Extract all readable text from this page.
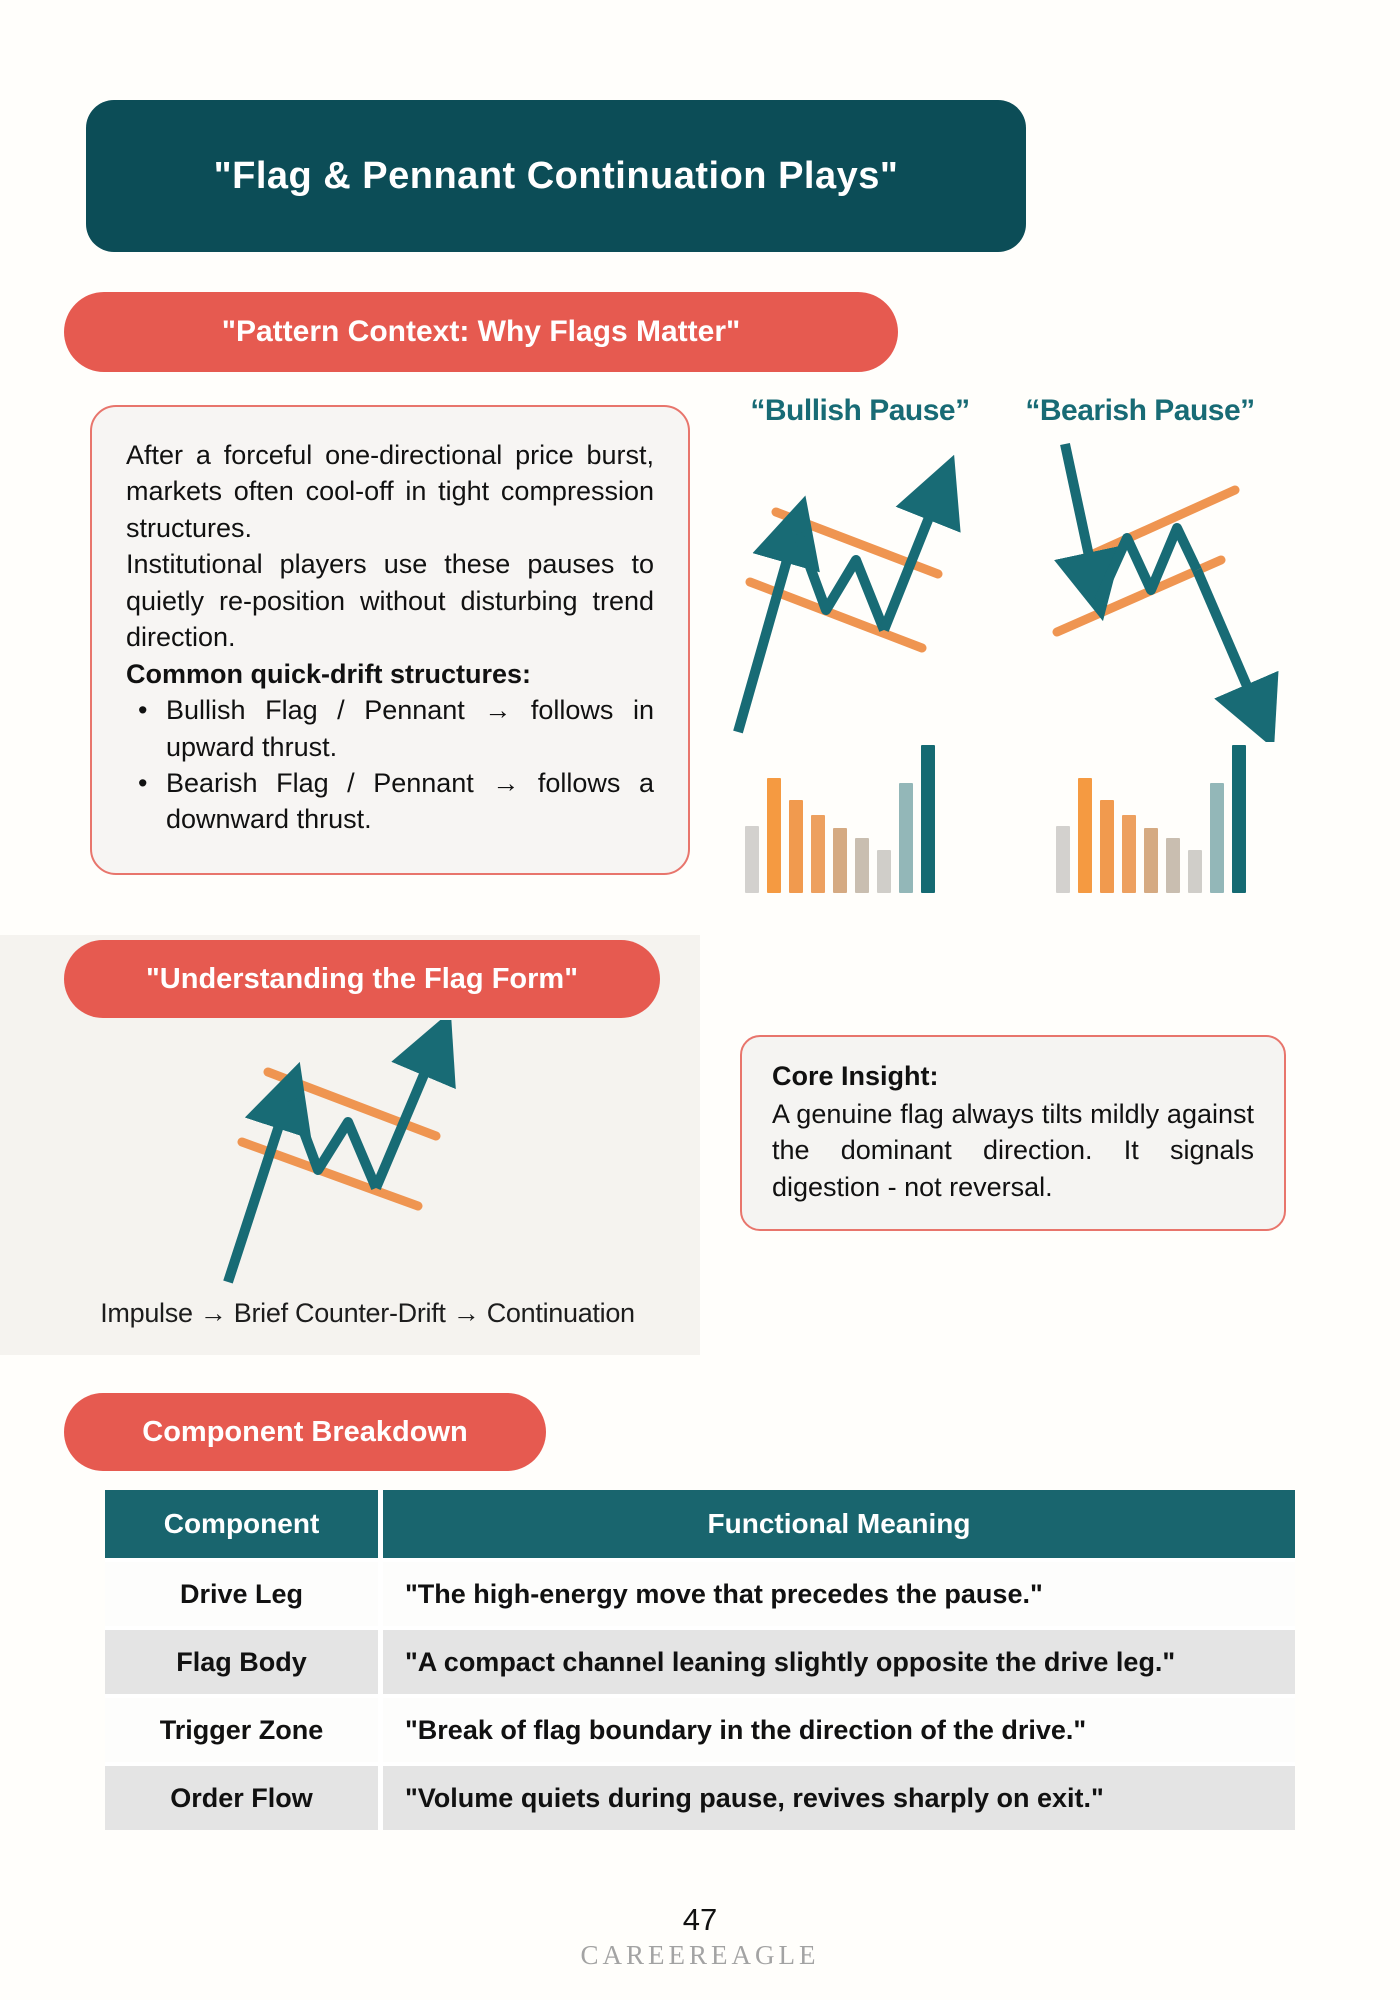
"Flag & Pennant Continuation Plays"
"Pattern Context: Why Flags Matter"

After a forceful one-directional price burst, markets often cool-off in tight compression structures.

Institutional players use these pauses to quietly re-position without disturbing trend direction.

Common quick-drift structures:

• Bullish Flag / Pennant → follows in upward thrust.
• Bearish Flag / Pennant → follows a downward thrust.
“Bullish Pause”	“Bearish Pause”
"Understanding the Flag Form"
Impulse → Brief Counter-Drift → Continuation

Core Insight:

A genuine flag always tilts mildly against the dominant direction. It signals digestion - not reversal.

Component Breakdown
Component	Functional Meaning
Drive Leg	"The high-energy move that precedes the pause."
Flag Body	"A compact channel leaning slightly opposite the drive leg."
Trigger Zone	"Break of flag boundary in the direction of the drive."
Order Flow	"Volume quiets during pause, revives sharply on exit."
47
CAREEREAGLE
